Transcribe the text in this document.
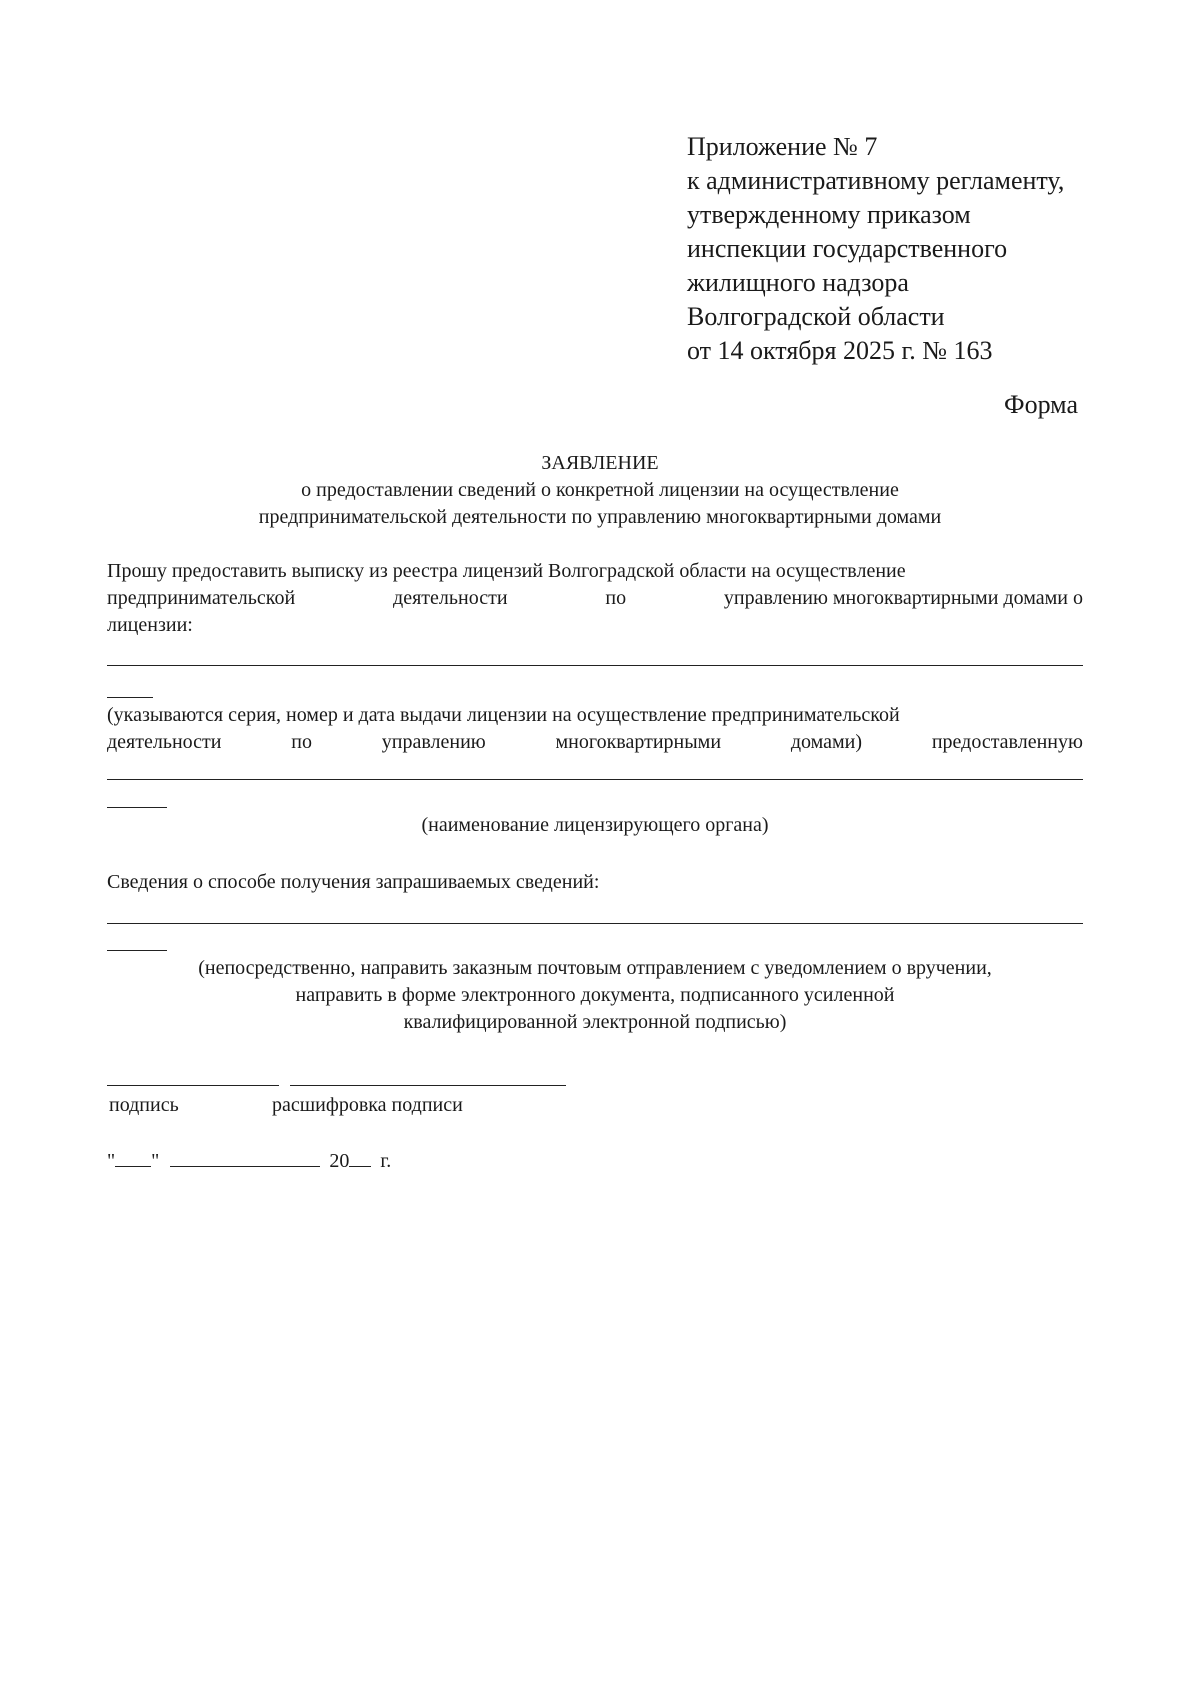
Приложение № 7
к административному регламенту,
утвержденному приказом
инспекции государственного
жилищного надзора
Волгоградской области
от 14 октября 2025 г. № 163
Форма
ЗАЯВЛЕНИЕ
о предоставлении сведений о конкретной лицензии на осуществление
предпринимательской деятельности по управлению многоквартирными домами
Прошу предоставить выписку из реестра лицензий Волгоградской области на осуществление
предпринимательской	деятельности	по	управлению многоквартирными домами о
лицензии:
(указываются серия, номер и дата выдачи лицензии на осуществление предпринимательской
деятельности	по	управлению	многоквартирными	домами)	предоставленную
(наименование лицензирующего органа)
Сведения о способе получения запрашиваемых сведений:
(непосредственно, направить заказным почтовым отправлением с уведомлением о вручении,
направить в форме электронного документа, подписанного усиленной
квалифицированной электронной подписью)
подпись	расшифровка подписи
" "	20 г.
